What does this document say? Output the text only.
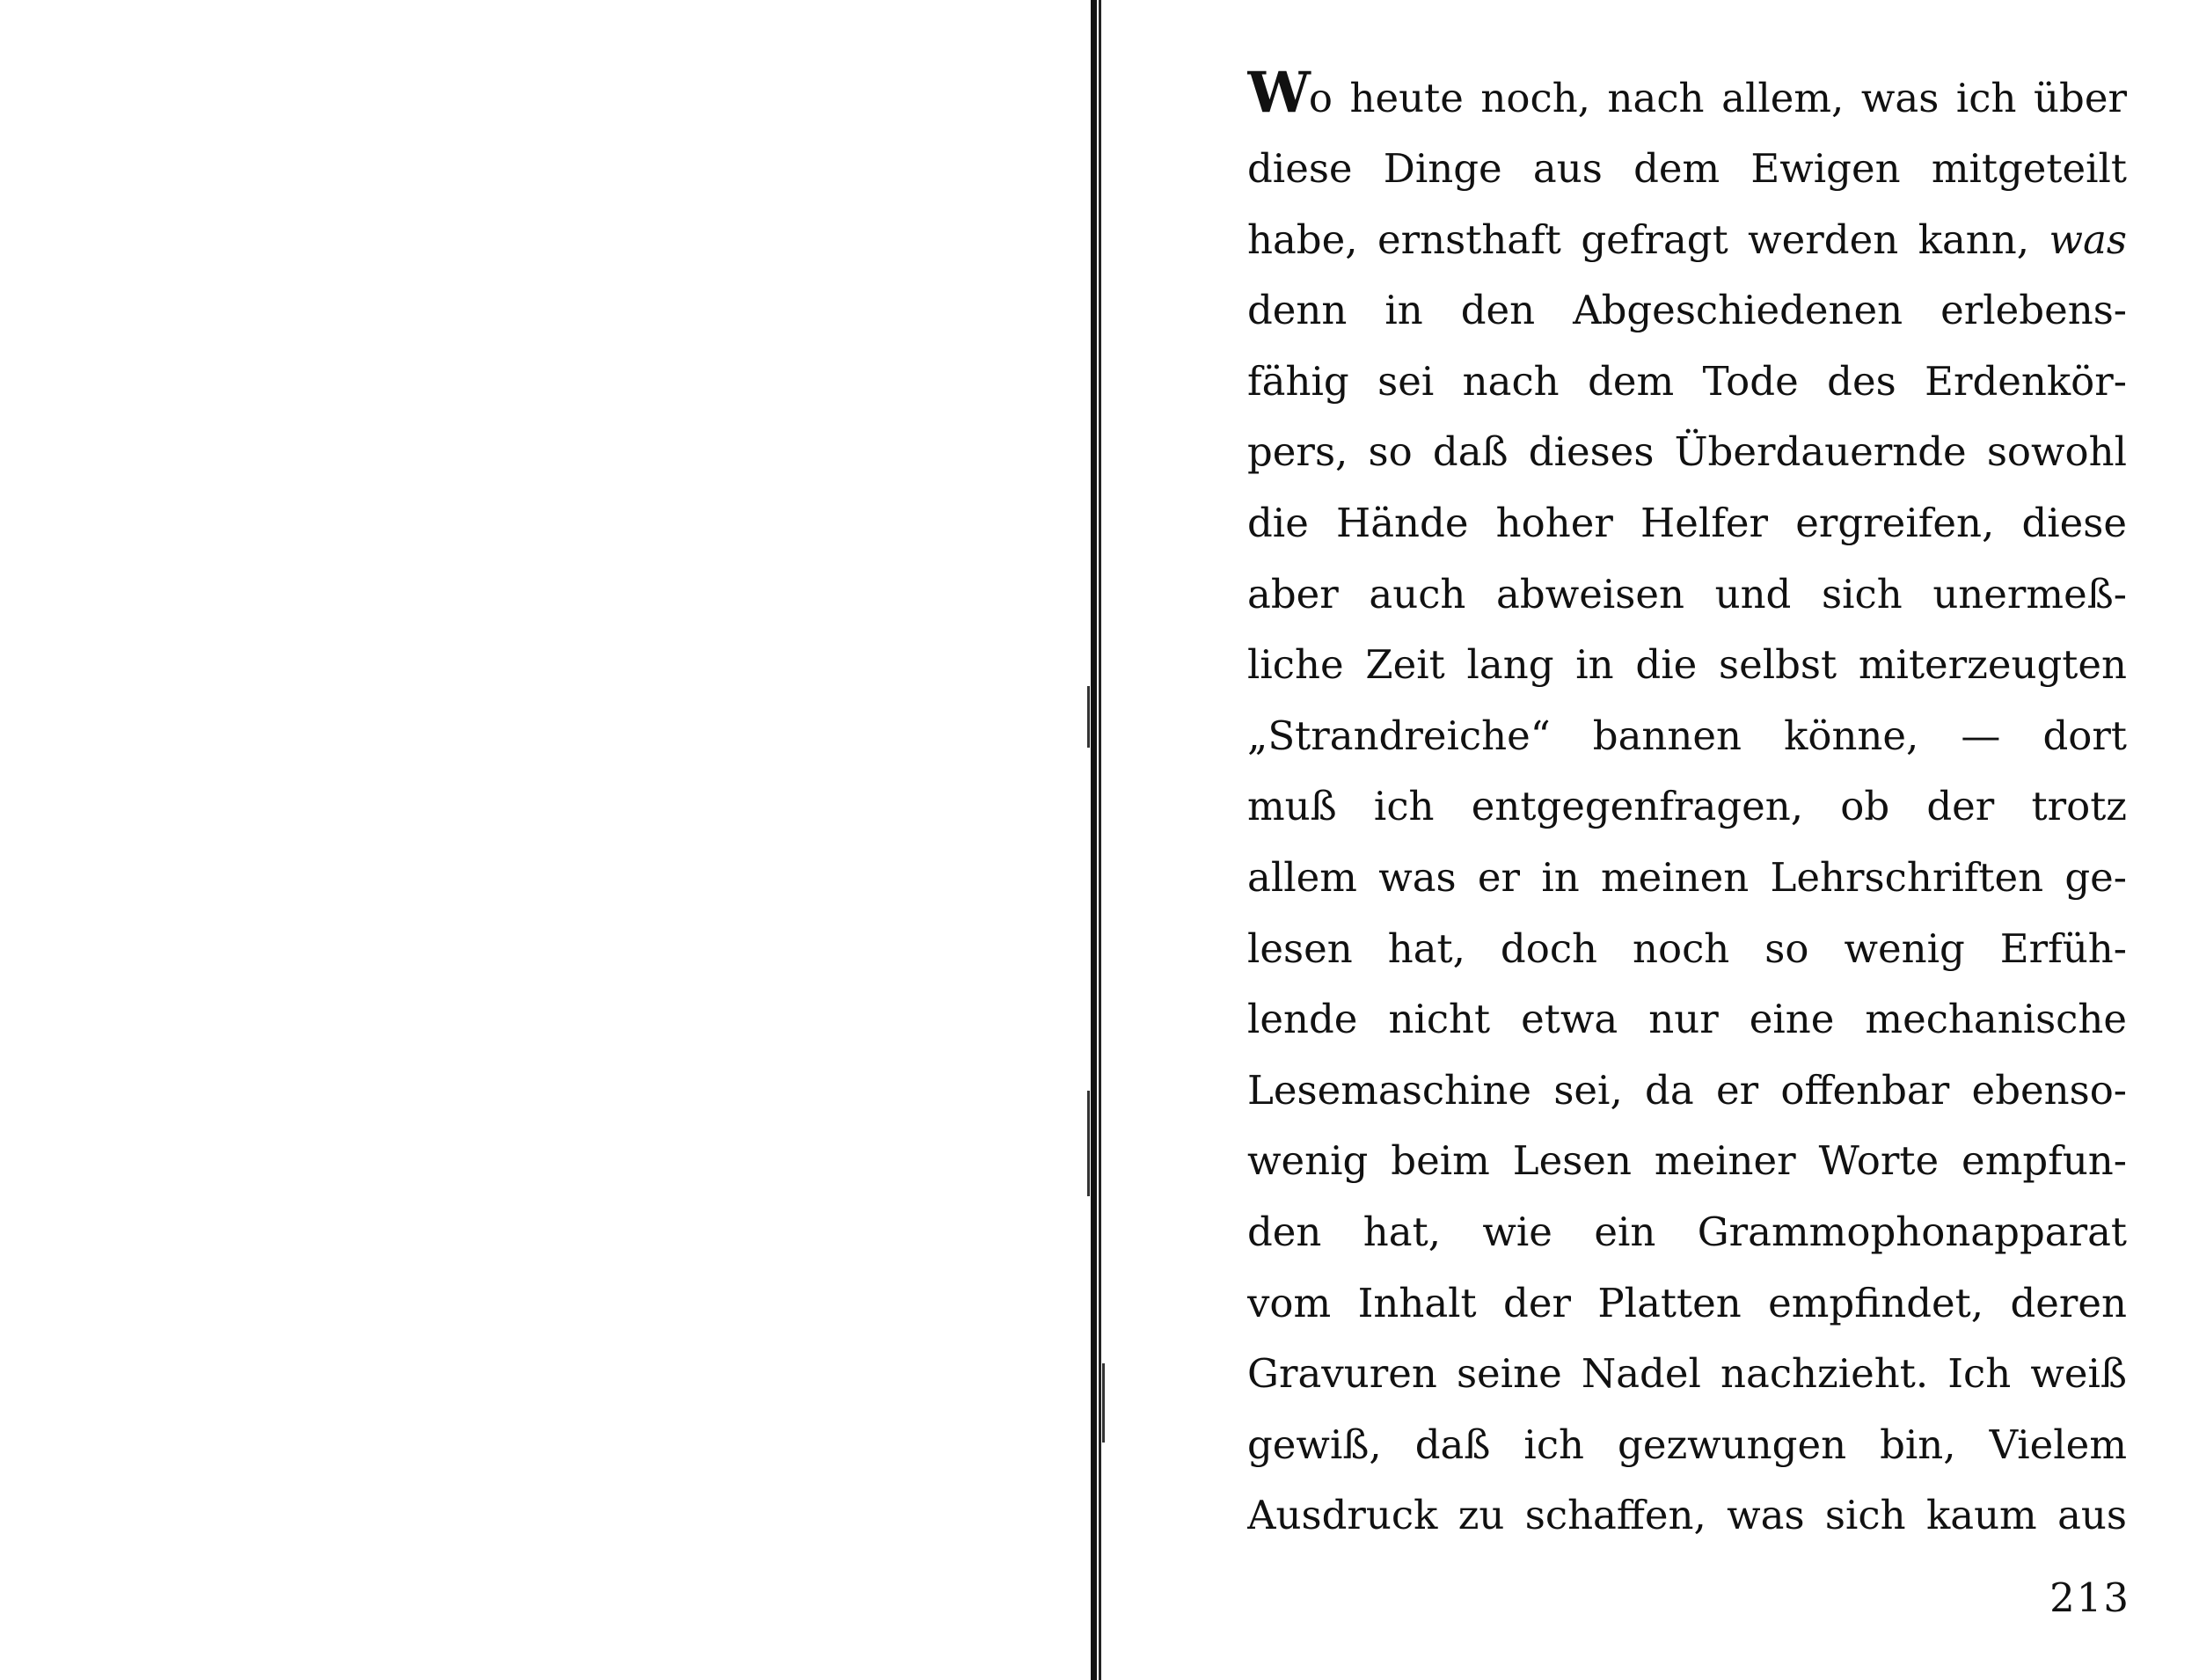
Wo heute noch, nach allem, was ich über
diese Dinge aus dem Ewigen mitgeteilt
habe, ernsthaft gefragt werden kann, was
denn in den Abgeschiedenen erlebens-
fähig sei nach dem Tode des Erdenkör-
pers, so daß dieses Überdauernde sowohl
die Hände hoher Helfer ergreifen, diese
aber auch abweisen und sich unermeß-
liche Zeit lang in die selbst miterzeugten
„Strandreiche“ bannen könne, — dort
muß ich entgegenfragen, ob der trotz
allem was er in meinen Lehrschriften ge-
lesen hat, doch noch so wenig Erfüh-
lende nicht etwa nur eine mechanische
Lesemaschine sei, da er offenbar ebenso-
wenig beim Lesen meiner Worte empfun-
den hat, wie ein Grammophonapparat
vom Inhalt der Platten empfindet, deren
Gravuren seine Nadel nachzieht. Ich weiß
gewiß, daß ich gezwungen bin, Vielem
Ausdruck zu schaffen, was sich kaum aus
213
